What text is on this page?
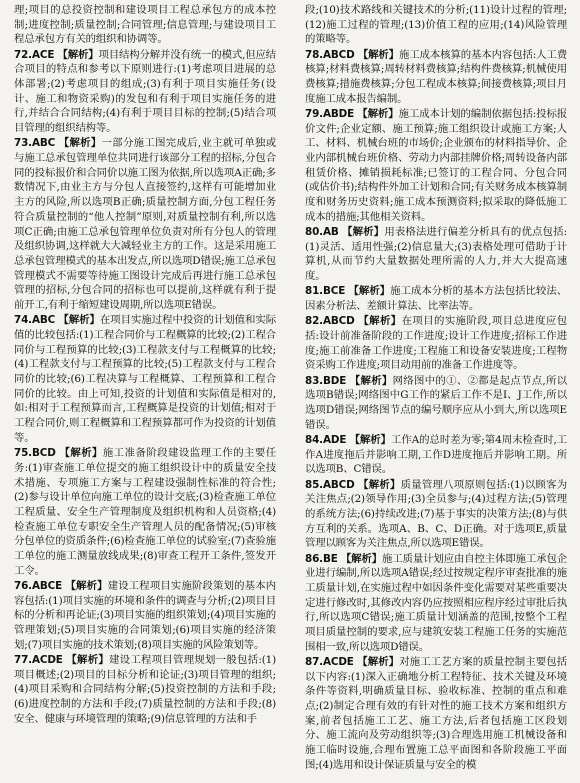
理;项目的总投资控制和建设项目工程总承包方的成本控制;进度控制;质量控制;合同管理;信息管理;与建设项目工程总承包方有关的组织和协调等。

72.ACE 【解析】项目结构分解并没有统一的模式,但应结合项目的特点和参考以下原则进行:(1)考虑项目进展的总体部署;(2)考虑项目的组成;(3)有利于项目实施任务(设计、施工和物资采购)的发包和有利于项目实施任务的进行,并结合合同结构;(4)有利于项目目标的控制;(5)结合项目管理的组织结构等。

73.ABC 【解析】一部分施工图完成后,业主就可单独或与施工总承包管理单位共同进行该部分工程的招标,分包合同的投标报价和合同价以施工图为依据,所以选项A正确;多数情况下,由业主方与分包人直接签约,这样有可能增加业主方的风险,所以选项B正确;质量控制方面,分包工程任务符合质量控制的“他人控制”原则,对质量控制有利,所以选项C正确;由施工总承包管理单位负责对所有分包人的管理及组织协调,这样就大大减轻业主方的工作。这是采用施工总承包管理模式的基本出发点,所以选项D错误;施工总承包管理模式不需要等待施工图设计完成后再进行施工总承包管理的招标,分包合同的招标也可以提前,这样就有利于提前开工,有利于缩短建设周期,所以选项E错误。

74.ABC 【解析】在项目实施过程中投资的计划值和实际值的比较包括:(1)工程合同价与工程概算的比较;(2)工程合同价与工程预算的比较;(3)工程款支付与工程概算的比较;(4)工程款支付与工程预算的比较;(5)工程款支付与工程合同价的比较;(6)工程决算与工程概算、工程预算和工程合同价的比较。由上可知,投资的计划值和实际值是相对的,如:相对于工程预算而言,工程概算是投资的计划值;相对于工程合同价,则工程概算和工程预算都可作为投资的计划值等。

75.BCD 【解析】施工准备阶段建设监理工作的主要任务:(1)审查施工单位提交的施工组织设计中的质量安全技术措施、专项施工方案与工程建设强制性标准的符合性;(2)参与设计单位向施工单位的设计交底;(3)检查施工单位工程质量、安全生产管理制度及组织机构和人员资格;(4)检查施工单位专职安全生产管理人员的配备情况;(5)审核分包单位的资质条件;(6)检查施工单位的试验室;(7)查验施工单位的施工测量放线成果;(8)审查工程开工条件,签发开工令。

76.ABCE 【解析】建设工程项目实施阶段策划的基本内容包括:(1)项目实施的环境和条件的调查与分析;(2)项目目标的分析和再论证;(3)项目实施的组织策划;(4)项目实施的管理策划;(5)项目实施的合同策划;(6)项目实施的经济策划;(7)项目实施的技术策划;(8)项目实施的风险策划等。

77.ACDE 【解析】建设工程项目管理规划一般包括:(1)项目概述;(2)项目的目标分析和论证;(3)项目管理的组织;(4)项目采购和合同结构分解;(5)投资控制的方法和手段;(6)进度控制的方法和手段;(7)质量控制的方法和手段;(8)安全、健康与环境管理的策略;(9)信息管理的方法和手

段;(10)技术路线和关键技术的分析;(11)设计过程的管理;(12)施工过程的管理;(13)价值工程的应用;(14)风险管理的策略等。

78.ABCD 【解析】施工成本核算的基本内容包括:人工费核算;材料费核算;周转材料费核算;结构件费核算;机械使用费核算;措施费核算;分包工程成本核算;间接费核算;项目月度施工成本报告编制。

79.ABDE 【解析】施工成本计划的编制依据包括:投标报价文件;企业定额、施工预算;施工组织设计或施工方案;人工、材料、机械台班的市场价;企业颁布的材料指导价、企业内部机械台班价格、劳动力内部挂牌价格;周转设备内部租赁价格、摊销损耗标准;已签订的工程合同、分包合同(或估价书);结构件外加工计划和合同;有关财务成本核算制度和财务历史资料;施工成本预测资料;拟采取的降低施工成本的措施;其他相关资料。

80.AB 【解析】用表格法进行偏差分析具有的优点包括:(1)灵活、适用性强;(2)信息量大;(3)表格处理可借助于计算机,从而节约大量数据处理所需的人力,并大大提高速度。

81.BCE 【解析】施工成本分析的基本方法包括比较法、因素分析法、差额计算法、比率法等。

82.ABCD 【解析】在项目的实施阶段,项目总进度应包括:设计前准备阶段的工作进度;设计工作进度;招标工作进度;施工前准备工作进度;工程施工和设备安装进度;工程物资采购工作进度;项目动用前的准备工作进度等。

83.BDE 【解析】网络图中的①、②都是起点节点,所以选项B错误;网络图中G工作的紧后工作不是I、J工作,所以选项D错误;网络图节点的编号顺序应从小到大,所以选项E错误。

84.ADE 【解析】工作A的总时差为零;第4周末检查时,工作A进度拖后并影响工期,工作D进度拖后并影响工期。所以选项B、C错误。

85.ABCD 【解析】质量管理八项原则包括:(1)以顾客为关注焦点;(2)领导作用;(3)全员参与;(4)过程方法;(5)管理的系统方法;(6)持续改进;(7)基于事实的决策方法;(8)与供方互利的关系。选项A、B、C、D正确。对于选项E,质量管理以顾客为关注焦点,所以选项E错误。

86.BE 【解析】施工质量计划应由自控主体即施工承包企业进行编制,所以选项A错误;经过按规定程序审查批准的施工质量计划,在实施过程中如因条件变化需要对某些重要决定进行修改时,其修改内容仍应按照相应程序经过审批后执行,所以选项C错误;施工质量计划涵盖的范围,按整个工程项目质量控制的要求,应与建筑安装工程施工任务的实施范围相一致,所以选项D错误。

87.ACDE 【解析】对施工工艺方案的质量控制主要包括以下内容:(1)深入正确地分析工程特征、技术关键及环境条件等资料,明确质量目标、验收标准、控制的重点和难点;(2)制定合理有效的有针对性的施工技术方案和组织方案,前者包括施工工艺、施工方法,后者包括施工区段划分、施工流向及劳动组织等;(3)合理选用施工机械设备和施工临时设施,合理布置施工总平面图和各阶段施工平面图;(4)选用和设计保证质量与安全的模
